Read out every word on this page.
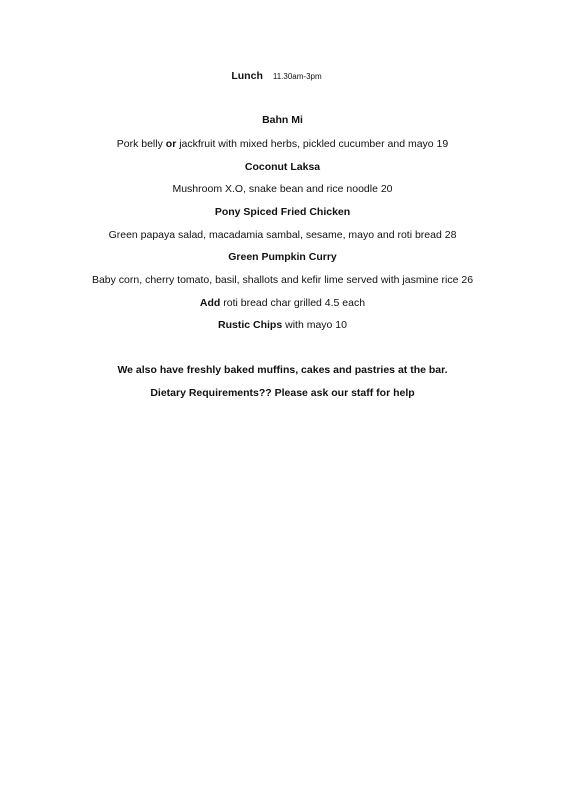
Lunch 11.30am-3pm
Bahn Mi
Pork belly or jackfruit with mixed herbs, pickled cucumber and mayo 19
Coconut Laksa
Mushroom X.O, snake bean and rice noodle 20
Pony Spiced Fried Chicken
Green papaya salad, macadamia sambal, sesame, mayo and roti bread 28
Green Pumpkin Curry
Baby corn, cherry tomato, basil, shallots and kefir lime served with jasmine rice 26
Add roti bread char grilled 4.5 each
Rustic Chips with mayo 10
We also have freshly baked muffins, cakes and pastries at the bar.
Dietary Requirements?? Please ask our staff for help
